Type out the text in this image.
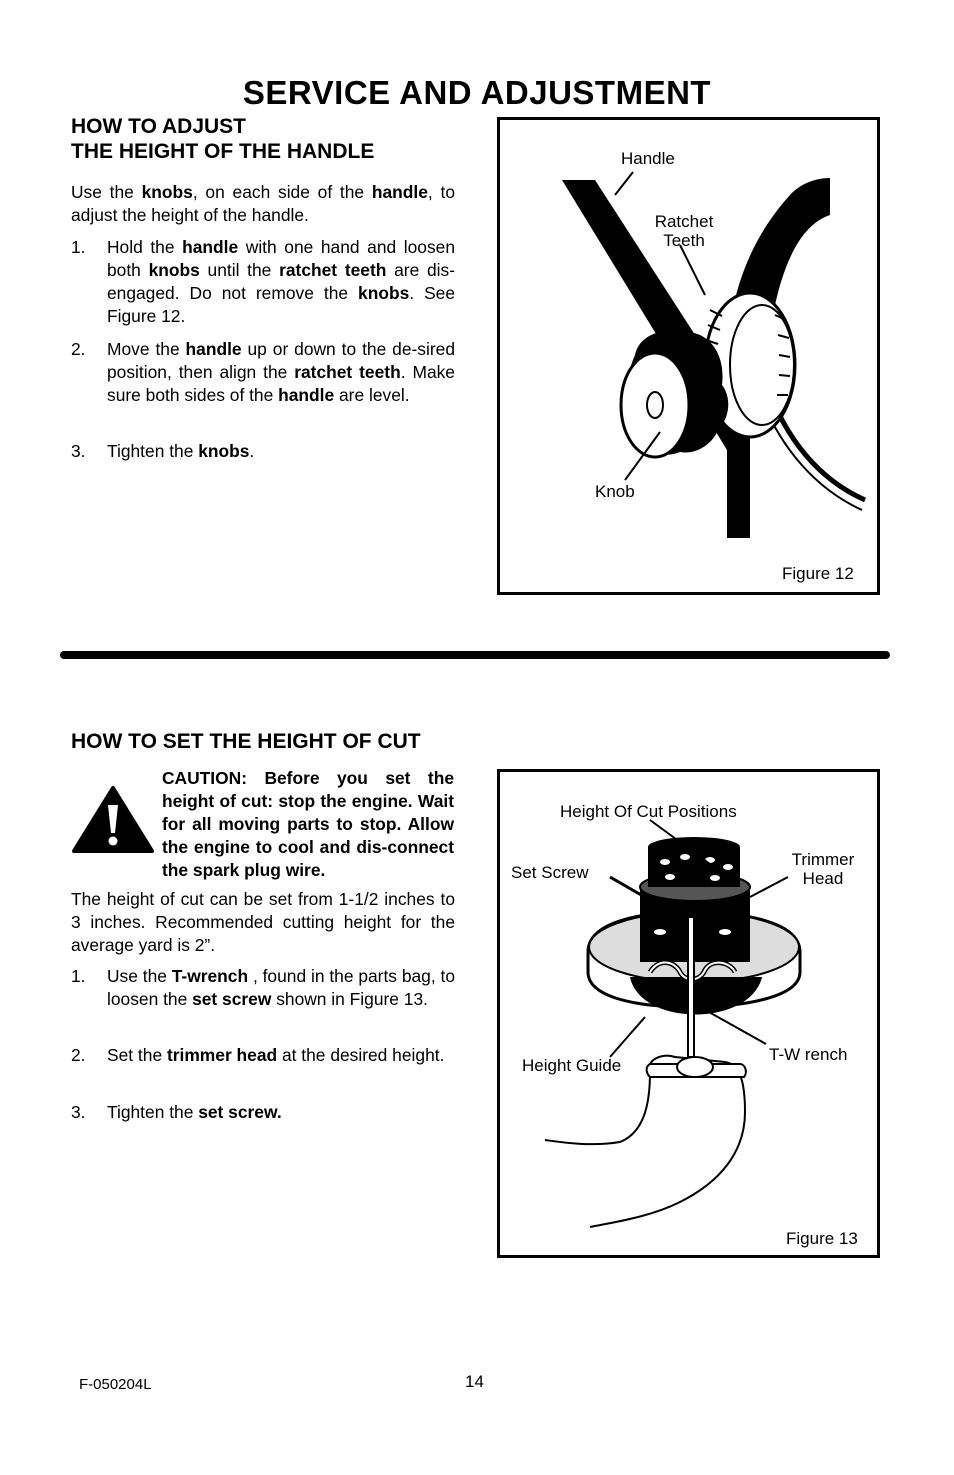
SERVICE AND ADJUSTMENT
HOW TO ADJUST
THE HEIGHT OF THE HANDLE
Use the knobs, on each side of the handle, to adjust the height of the handle.
1. Hold the handle with one hand and loosen both knobs until the ratchet teeth are dis-engaged. Do not remove the knobs. See Figure 12.
2. Move the handle up or down to the de-sired position, then align the ratchet teeth. Make sure both sides of the handle are level.
3. Tighten the knobs.
Handle
Ratchet
Teeth
Knob
Figure 12
HOW TO SET THE HEIGHT OF CUT
CAUTION: Before you set the height of cut: stop the engine. Wait for all moving parts to stop. Allow the engine to cool and dis-connect the spark plug wire.
The height of cut can be set from 1-1/2 inches to 3 inches. Recommended cutting height for the average yard is 2”.
1. Use the T-wrench , found in the parts bag, to loosen the set screw shown in Figure 13.
2. Set the trimmer head at the desired height.
3. Tighten the set screw.
Height Of Cut Positions
Set Screw
Trimmer
Head
Height Guide
T-W rench
Figure 13
F-050204L	14
